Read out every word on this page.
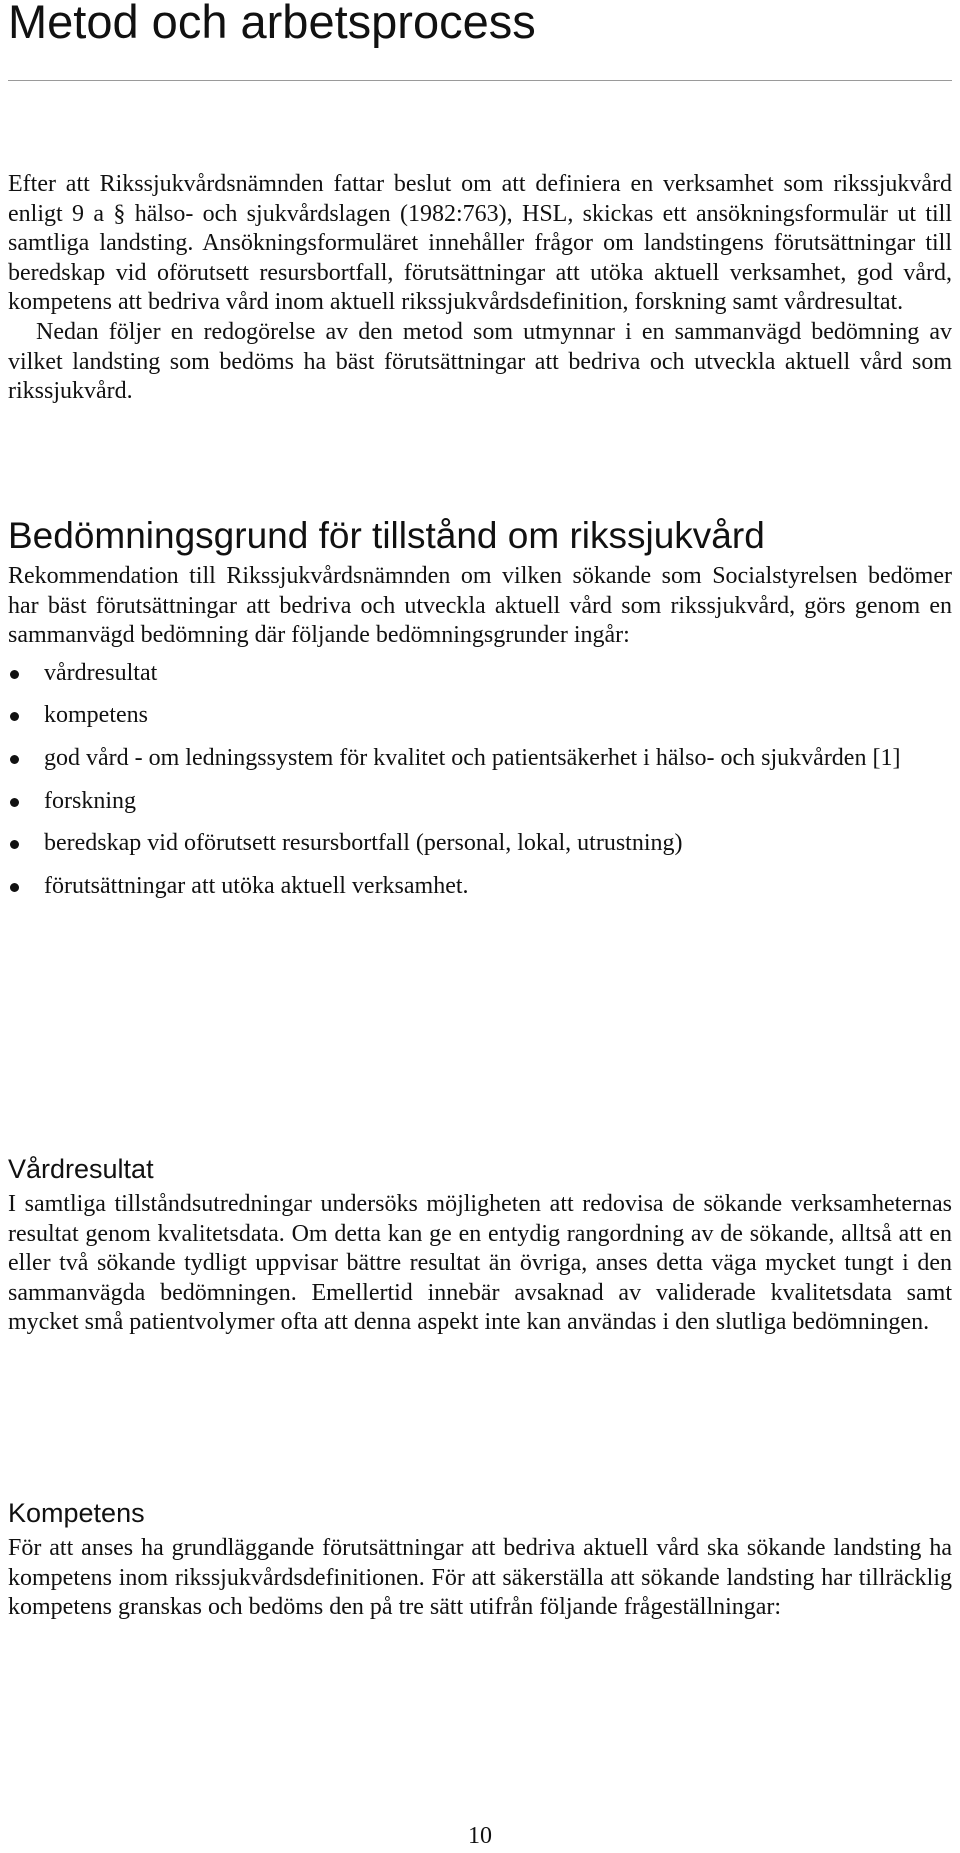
Metod och arbetsprocess

Efter att Rikssjukvårdsnämnden fattar beslut om att definiera en verksamhet som rikssjukvård enligt 9 a § hälso- och sjukvårdslagen (1982:763), HSL, skickas ett ansökningsformulär ut till samtliga landsting. Ansökningsformuläret innehåller frågor om landstingens förutsättningar till beredskap vid oförutsett resursbortfall, förutsättningar att utöka aktuell verksamhet, god vård, kompetens att bedriva vård inom aktuell rikssjukvårdsdefinition, forskning samt vårdresultat.

Nedan följer en redogörelse av den metod som utmynnar i en sammanvägd bedömning av vilket landsting som bedöms ha bäst förutsättningar att bedriva och utveckla aktuell vård som rikssjukvård.

Bedömningsgrund för tillstånd om rikssjukvård

Rekommendation till Rikssjukvårdsnämnden om vilken sökande som Socialstyrelsen bedömer har bäst förutsättningar att bedriva och utveckla aktuell vård som rikssjukvård, görs genom en sammanvägd bedömning där följande bedömningsgrunder ingår:

vårdresultat
kompetens
god vård - om ledningssystem för kvalitet och patientsäkerhet i hälso- och sjukvården [1]
forskning
beredskap vid oförutsett resursbortfall (personal, lokal, utrustning)
förutsättningar att utöka aktuell verksamhet.
Vårdresultat

I samtliga tillståndsutredningar undersöks möjligheten att redovisa de sökande verksamheternas resultat genom kvalitetsdata. Om detta kan ge en entydig rangordning av de sökande, alltså att en eller två sökande tydligt uppvisar bättre resultat än övriga, anses detta väga mycket tungt i den sammanvägda bedömningen. Emellertid innebär avsaknad av validerade kvalitetsdata samt mycket små patientvolymer ofta att denna aspekt inte kan användas i den slutliga bedömningen.

Kompetens

För att anses ha grundläggande förutsättningar att bedriva aktuell vård ska sökande landsting ha kompetens inom rikssjukvårdsdefinitionen. För att säkerställa att sökande landsting har tillräcklig kompetens granskas och bedöms den på tre sätt utifrån följande frågeställningar:

10
